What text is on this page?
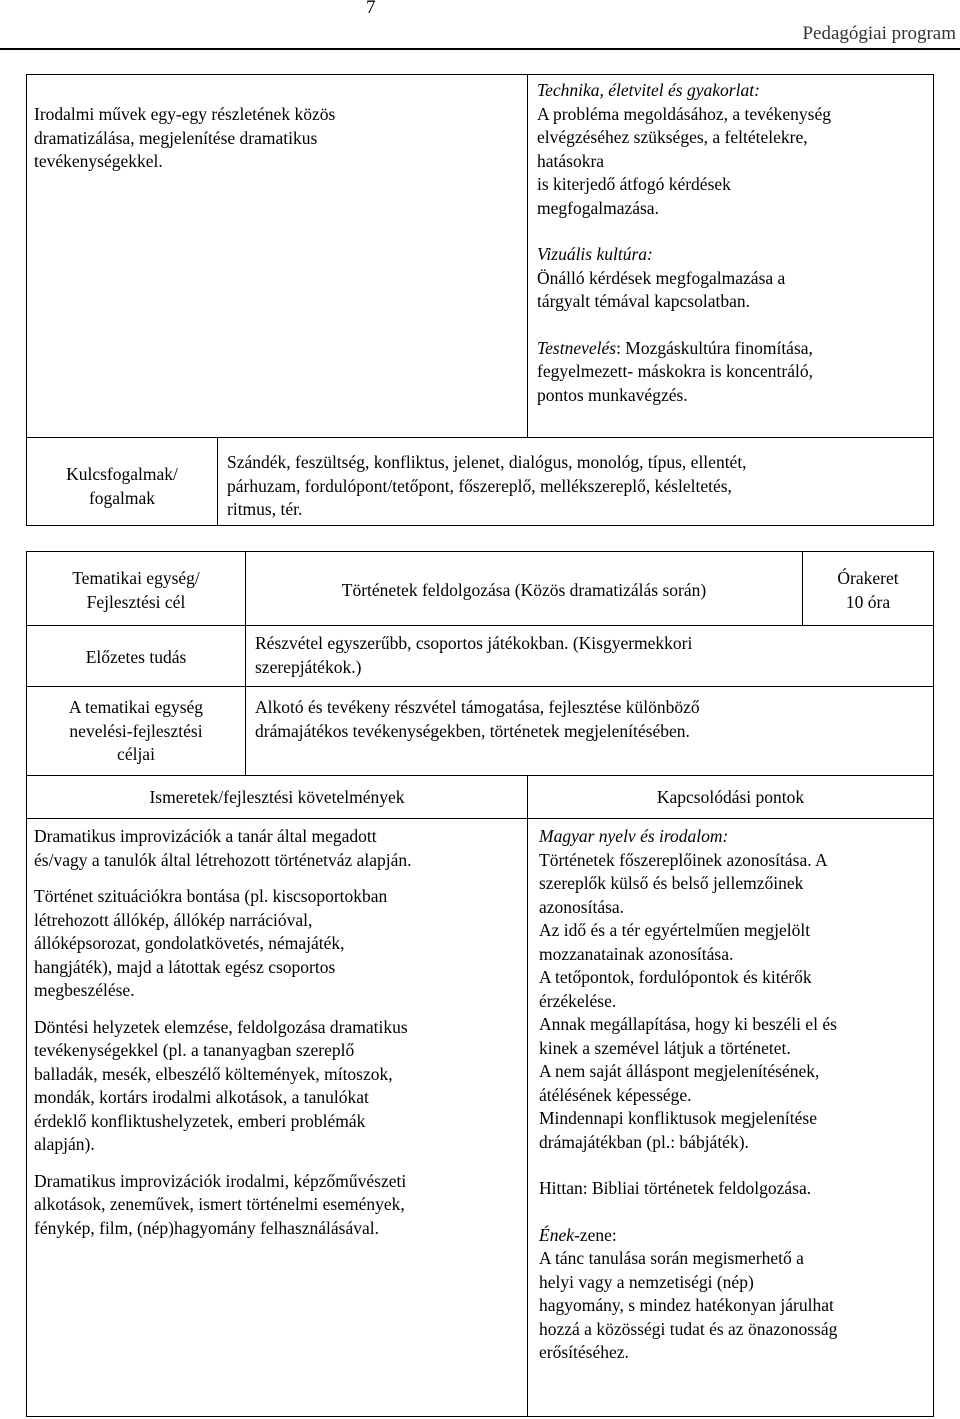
7
Pedagógiai program
Irodalmi művek egy-egy részletének közös dramatizálása, megjelenítése dramatikus tevékenységekkel.
Technika, életvitel és gyakorlat:
A probléma megoldásához, a tevékenység
elvégzéséhez szükséges, a feltételekre,
hatásokra
is kiterjedő átfogó kérdések
megfogalmazása.
Vizuális kultúra:
Önálló kérdések megfogalmazása a
tárgyalt témával kapcsolatban.
Testnevelés: Mozgáskultúra finomítása,
fegyelmezett- máskokra is koncentráló,
pontos munkavégzés.
Kulcsfogalmak/
fogalmak
Szándék, feszültség, konfliktus, jelenet, dialógus, monológ, típus, ellentét,
párhuzam, fordulópont/tetőpont, főszereplő, mellékszereplő, késleltetés,
ritmus, tér.
Tematikai egység/
Fejlesztési cél
Történetek feldolgozása (Közös dramatizálás során)
Órakeret
10 óra
Előzetes tudás
Részvétel egyszerűbb, csoportos játékokban. (Kisgyermekkori
szerepjátékok.)
A tematikai egység
nevelési-fejlesztési
céljai
Alkotó és tevékeny részvétel támogatása, fejlesztése különböző
drámajátékos tevékenységekben, történetek megjelenítésében.
Ismeretek/fejlesztési követelmények	Kapcsolódási pontok
Dramatikus improvizációk a tanár által megadott
és/vagy a tanulók által létrehozott történetváz alapján.
Történet szituációkra bontása (pl. kiscsoportokban
létrehozott állókép, állókép narrációval,
állóképsorozat, gondolatkövetés, némajáték,
hangjáték), majd a látottak egész csoportos
megbeszélése.
Döntési helyzetek elemzése, feldolgozása dramatikus
tevékenységekkel (pl. a tananyagban szereplő
balladák, mesék, elbeszélő költemények, mítoszok,
mondák, kortárs irodalmi alkotások, a tanulókat
érdeklő konfliktushelyzetek, emberi problémák
alapján).
Dramatikus improvizációk irodalmi, képzőművészeti
alkotások, zeneművek, ismert történelmi események,
fénykép, film, (nép)hagyomány felhasználásával.
Magyar nyelv és irodalom:
Történetek főszereplőinek azonosítása. A
szereplők külső és belső jellemzőinek
azonosítása.
Az idő és a tér egyértelműen megjelölt
mozzanatainak azonosítása.
A tetőpontok, fordulópontok és kitérők
érzékelése.
Annak megállapítása, hogy ki beszéli el és
kinek a szemével látjuk a történetet.
A nem saját álláspont megjelenítésének,
átélésének képessége.
Mindennapi konfliktusok megjelenítése
drámajátékban (pl.: bábjáték).
Hittan: Bibliai történetek feldolgozása.
Ének-zene:
A tánc tanulása során megismerhető a
helyi vagy a nemzetiségi (nép)
hagyomány, s mindez hatékonyan járulhat
hozzá a közösségi tudat és az önazonosság
erősítéséhez.
